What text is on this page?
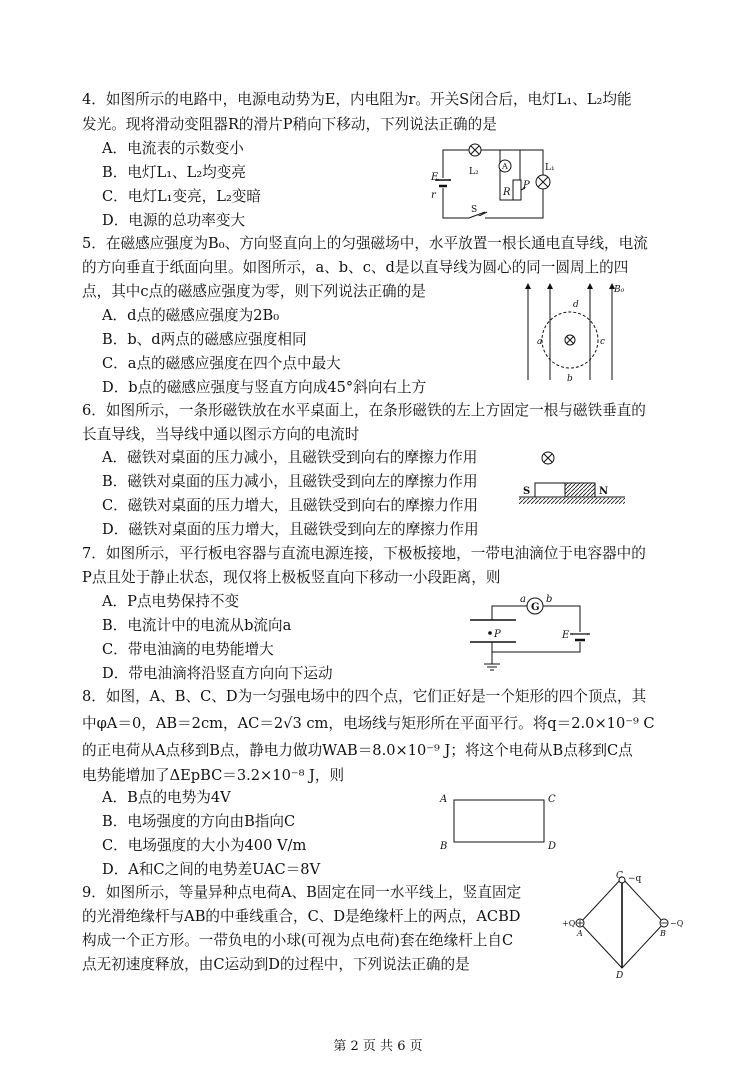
4．如图所示的电路中，电源电动势为E，内电阻为r。开关S闭合后，电灯L₁、L₂均能
发光。现将滑动变阻器R的滑片P稍向下移动，下列说法正确的是
A．电流表的示数变小
B．电灯L₁、L₂均变亮
C．电灯L₁变亮，L₂变暗
D．电源的总功率变大
E
r
L₂
A
R
P
L₁
S
5．在磁感应强度为B₀、方向竖直向上的匀强磁场中，水平放置一根长通电直导线，电流
的方向垂直于纸面向里。如图所示，a、b、c、d是以直导线为圆心的同一圆周上的四
点，其中c点的磁感应强度为零，则下列说法正确的是
A．d点的磁感应强度为2B₀
B．b、d两点的磁感应强度相同
C．a点的磁感应强度在四个点中最大
D．b点的磁感应强度与竖直方向成45°斜向右上方
B₀
a
b
c
d
6．如图所示，一条形磁铁放在水平桌面上，在条形磁铁的左上方固定一根与磁铁垂直的
长直导线，当导线中通以图示方向的电流时
A．磁铁对桌面的压力减小，且磁铁受到向右的摩擦力作用
B．磁铁对桌面的压力减小，且磁铁受到向左的摩擦力作用
C．磁铁对桌面的压力增大，且磁铁受到向右的摩擦力作用
D．磁铁对桌面的压力增大，且磁铁受到向左的摩擦力作用
S	N
7．如图所示，平行板电容器与直流电源连接，下极板接地，一带电油滴位于电容器中的
P点且处于静止状态，现仅将上极板竖直向下移动一小段距离，则
A．P点电势保持不变
B．电流计中的电流从b流向a
C．带电油滴的电势能增大
D．带电油滴将沿竖直方向向下运动
a
G
b
P	E
8．如图，A、B、C、D为一匀强电场中的四个点，它们正好是一个矩形的四个顶点，其
中φA＝0，AB＝2cm，AC＝2√3 cm，电场线与矩形所在平面平行。将q＝2.0×10⁻⁹ C
的正电荷从A点移到B点，静电力做功WAB＝8.0×10⁻⁹ J；将这个电荷从B点移到C点
电势能增加了ΔEpBC＝3.2×10⁻⁸ J，则
A．B点的电势为4V
B．电场强度的方向由B指向C
C．电场强度的大小为400 V/m
D．A和C之间的电势差UAC＝8V
A	C
B	D
9．如图所示，等量异种点电荷A、B固定在同一水平线上，竖直固定
的光滑绝缘杆与AB的中垂线重合，C、D是绝缘杆上的两点，ACBD
构成一个正方形。一带负电的小球(可视为点电荷)套在绝缘杆上自C
点无初速度释放，由C运动到D的过程中，下列说法正确的是
C −q
+Q
A	B
−Q
D
第 2 页 共 6 页
